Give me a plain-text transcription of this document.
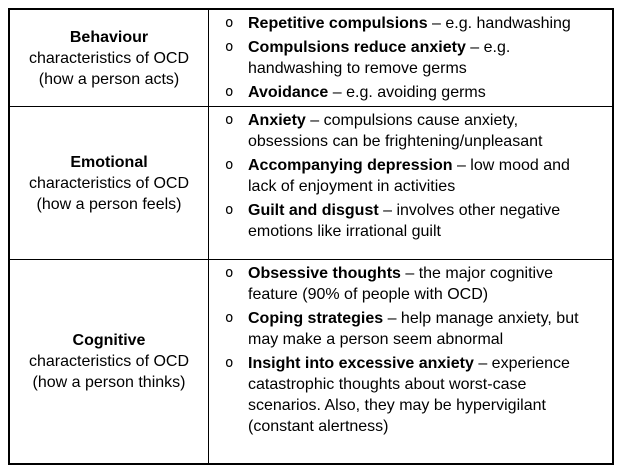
Behaviour
characteristics of OCD
(how a person acts)

o Repetitive compulsions – e.g. handwashing
o Compulsions reduce anxiety – e.g. handwashing to remove germs
o Avoidance – e.g. avoiding germs

Emotional
characteristics of OCD
(how a person feels)

o Anxiety – compulsions cause anxiety, obsessions can be frightening/unpleasant
o Accompanying depression – low mood and lack of enjoyment in activities
o Guilt and disgust – involves other negative emotions like irrational guilt

Cognitive
characteristics of OCD
(how a person thinks)

o Obsessive thoughts – the major cognitive feature (90% of people with OCD)
o Coping strategies – help manage anxiety, but may make a person seem abnormal
o Insight into excessive anxiety – experience catastrophic thoughts about worst-case scenarios. Also, they may be hypervigilant (constant alertness)
